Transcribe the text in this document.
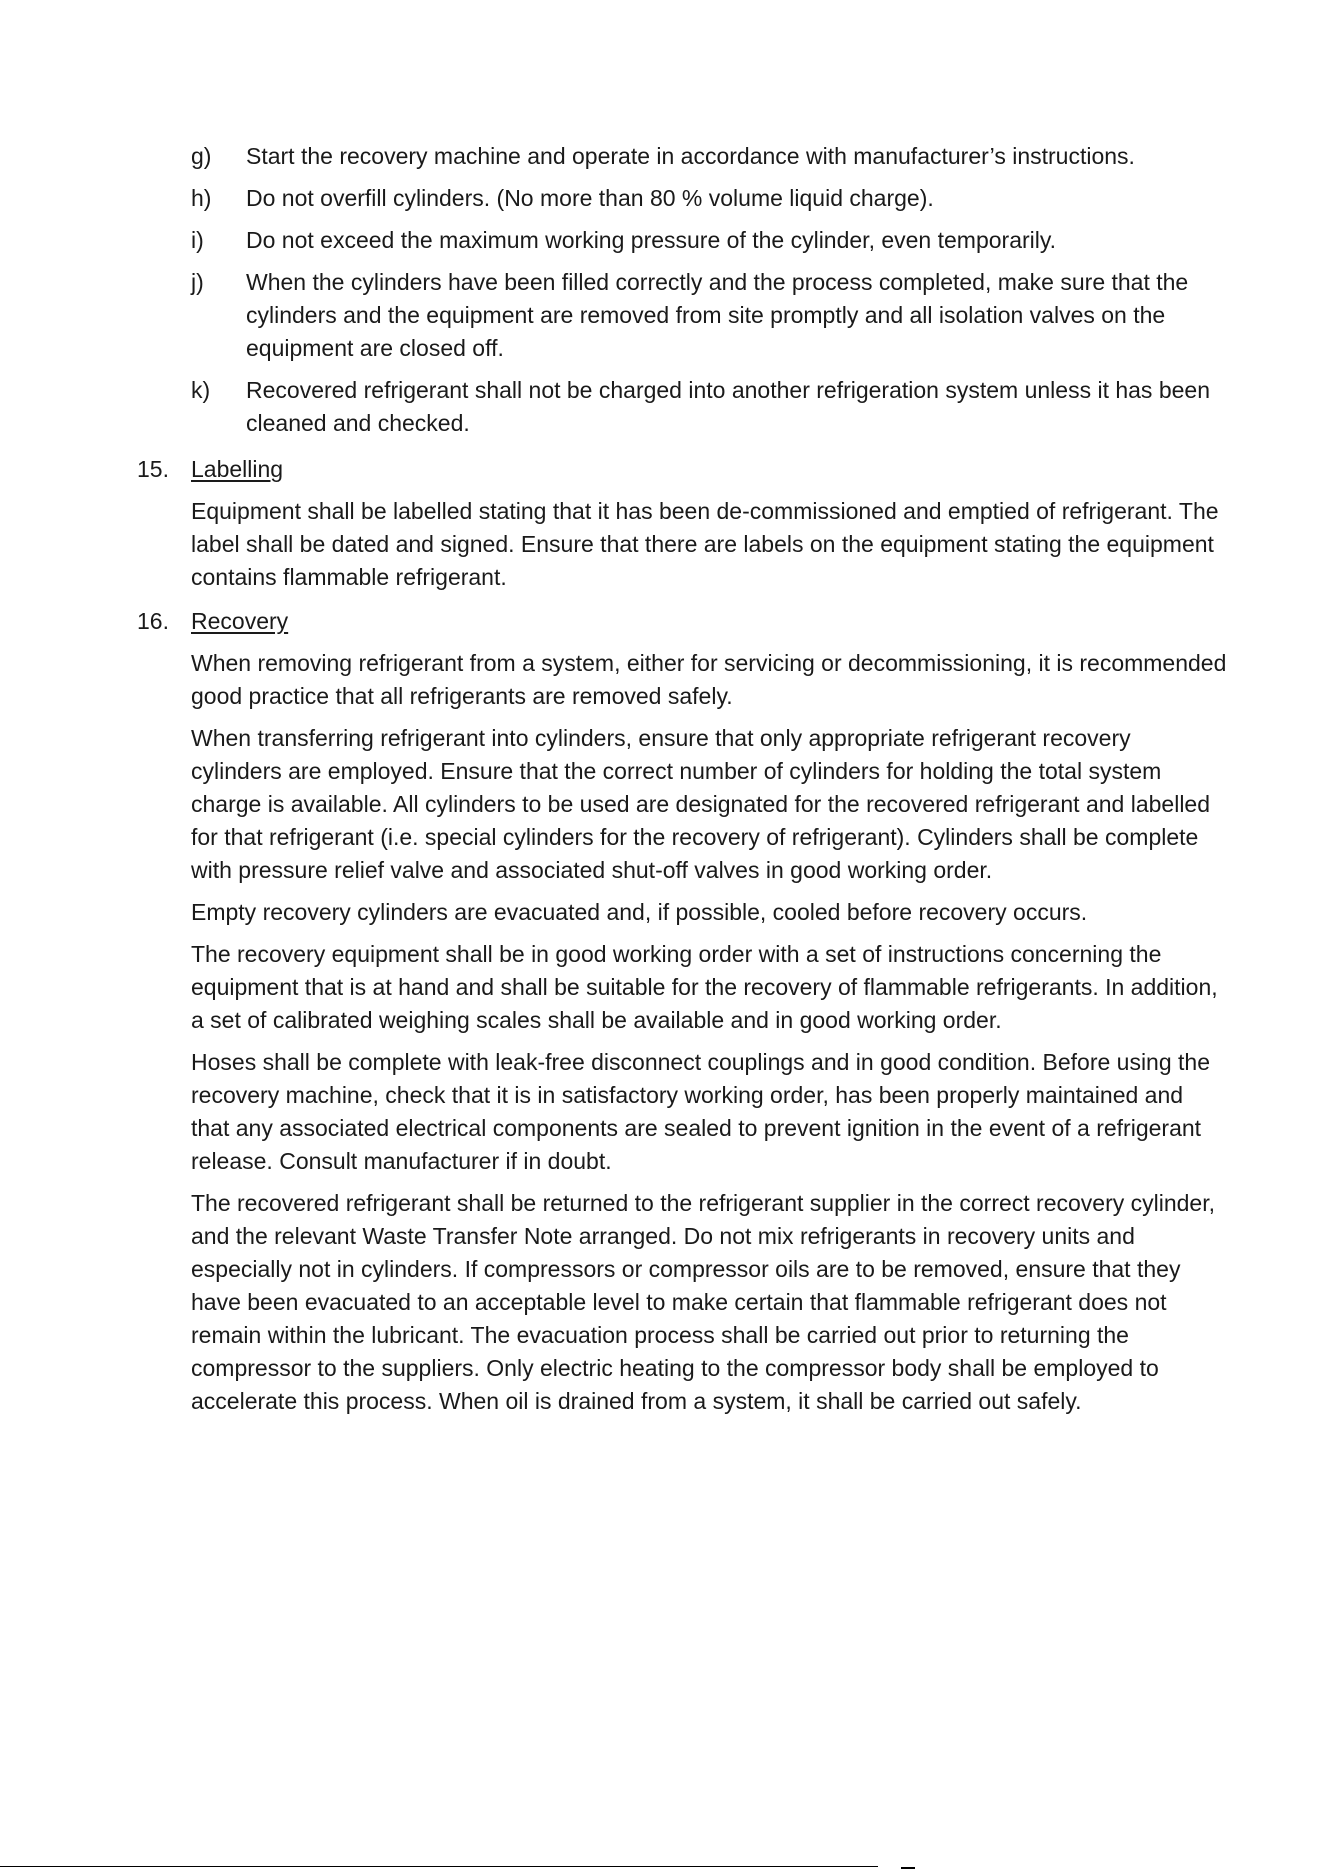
g)	Start the recovery machine and operate in accordance with manufacturer’s instructions.
h)	Do not overfill cylinders. (No more than 80 % volume liquid charge).
i)	Do not exceed the maximum working pressure of the cylinder, even temporarily.
j)	When the cylinders have been filled correctly and the process completed, make sure that the cylinders and the equipment are removed from site promptly and all isolation valves on the equipment are closed off.
k)	Recovered refrigerant shall not be charged into another refrigeration system unless it has been cleaned and checked.
15. Labelling

Equipment shall be labelled stating that it has been de-commissioned and emptied of refrigerant. The label shall be dated and signed. Ensure that there are labels on the equipment stating the equipment contains flammable refrigerant.

16. Recovery

When removing refrigerant from a system, either for servicing or decommissioning, it is recommended good practice that all refrigerants are removed safely.

When transferring refrigerant into cylinders, ensure that only appropriate refrigerant recovery cylinders are employed. Ensure that the correct number of cylinders for holding the total system charge is available. All cylinders to be used are designated for the recovered refrigerant and labelled for that refrigerant (i.e. special cylinders for the recovery of refrigerant). Cylinders shall be complete with pressure relief valve and associated shut-off valves in good working order.

Empty recovery cylinders are evacuated and, if possible, cooled before recovery occurs.

The recovery equipment shall be in good working order with a set of instructions concerning the equipment that is at hand and shall be suitable for the recovery of flammable refrigerants. In addition, a set of calibrated weighing scales shall be available and in good working order.

Hoses shall be complete with leak-free disconnect couplings and in good condition. Before using the recovery machine, check that it is in satisfactory working order, has been properly maintained and that any associated electrical components are sealed to prevent ignition in the event of a refrigerant release. Consult manufacturer if in doubt.

The recovered refrigerant shall be returned to the refrigerant supplier in the correct recovery cylinder, and the relevant Waste Transfer Note arranged. Do not mix refrigerants in recovery units and especially not in cylinders. If compressors or compressor oils are to be removed, ensure that they have been evacuated to an acceptable level to make certain that flammable refrigerant does not remain within the lubricant. The evacuation process shall be carried out prior to returning the compressor to the suppliers. Only electric heating to the compressor body shall be employed to accelerate this process. When oil is drained from a system, it shall be carried out safely.
